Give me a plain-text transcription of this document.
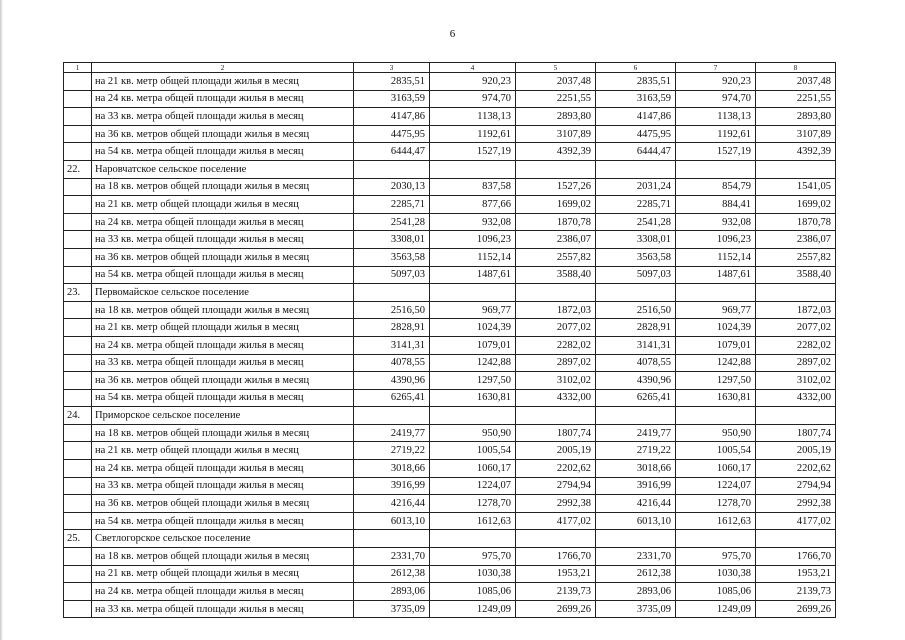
6
1	2	3	4	5	6	7	8
	на 21 кв. метр общей площади жилья в месяц	2835,51	920,23	2037,48	2835,51	920,23	2037,48
	на 24 кв. метра общей площади жилья в месяц	3163,59	974,70	2251,55	3163,59	974,70	2251,55
	на 33 кв. метра общей площади жилья в месяц	4147,86	1138,13	2893,80	4147,86	1138,13	2893,80
	на 36 кв. метров общей площади жилья в месяц	4475,95	1192,61	3107,89	4475,95	1192,61	3107,89
	на 54 кв. метра общей площади жилья в месяц	6444,47	1527,19	4392,39	6444,47	1527,19	4392,39
22.	Наровчатское сельское поселение						
	на 18 кв. метров общей площади жилья в месяц	2030,13	837,58	1527,26	2031,24	854,79	1541,05
	на 21 кв. метр общей площади жилья в месяц	2285,71	877,66	1699,02	2285,71	884,41	1699,02
	на 24 кв. метра общей площади жилья в месяц	2541,28	932,08	1870,78	2541,28	932,08	1870,78
	на 33 кв. метра общей площади жилья в месяц	3308,01	1096,23	2386,07	3308,01	1096,23	2386,07
	на 36 кв. метров общей площади жилья в месяц	3563,58	1152,14	2557,82	3563,58	1152,14	2557,82
	на 54 кв. метра общей площади жилья в месяц	5097,03	1487,61	3588,40	5097,03	1487,61	3588,40
23.	Первомайское сельское поселение						
	на 18 кв. метров общей площади жилья в месяц	2516,50	969,77	1872,03	2516,50	969,77	1872,03
	на 21 кв. метр общей площади жилья в месяц	2828,91	1024,39	2077,02	2828,91	1024,39	2077,02
	на 24 кв. метра общей площади жилья в месяц	3141,31	1079,01	2282,02	3141,31	1079,01	2282,02
	на 33 кв. метра общей площади жилья в месяц	4078,55	1242,88	2897,02	4078,55	1242,88	2897,02
	на 36 кв. метров общей площади жилья в месяц	4390,96	1297,50	3102,02	4390,96	1297,50	3102,02
	на 54 кв. метра общей площади жилья в месяц	6265,41	1630,81	4332,00	6265,41	1630,81	4332,00
24.	Приморское сельское поселение						
	на 18 кв. метров общей площади жилья в месяц	2419,77	950,90	1807,74	2419,77	950,90	1807,74
	на 21 кв. метр общей площади жилья в месяц	2719,22	1005,54	2005,19	2719,22	1005,54	2005,19
	на 24 кв. метра общей площади жилья в месяц	3018,66	1060,17	2202,62	3018,66	1060,17	2202,62
	на 33 кв. метра общей площади жилья в месяц	3916,99	1224,07	2794,94	3916,99	1224,07	2794,94
	на 36 кв. метров общей площади жилья в месяц	4216,44	1278,70	2992,38	4216,44	1278,70	2992,38
	на 54 кв. метра общей площади жилья в месяц	6013,10	1612,63	4177,02	6013,10	1612,63	4177,02
25.	Светлогорское сельское поселение						
	на 18 кв. метров общей площади жилья в месяц	2331,70	975,70	1766,70	2331,70	975,70	1766,70
	на 21 кв. метр общей площади жилья в месяц	2612,38	1030,38	1953,21	2612,38	1030,38	1953,21
	на 24 кв. метра общей площади жилья в месяц	2893,06	1085,06	2139,73	2893,06	1085,06	2139,73
	на 33 кв. метра общей площади жилья в месяц	3735,09	1249,09	2699,26	3735,09	1249,09	2699,26
